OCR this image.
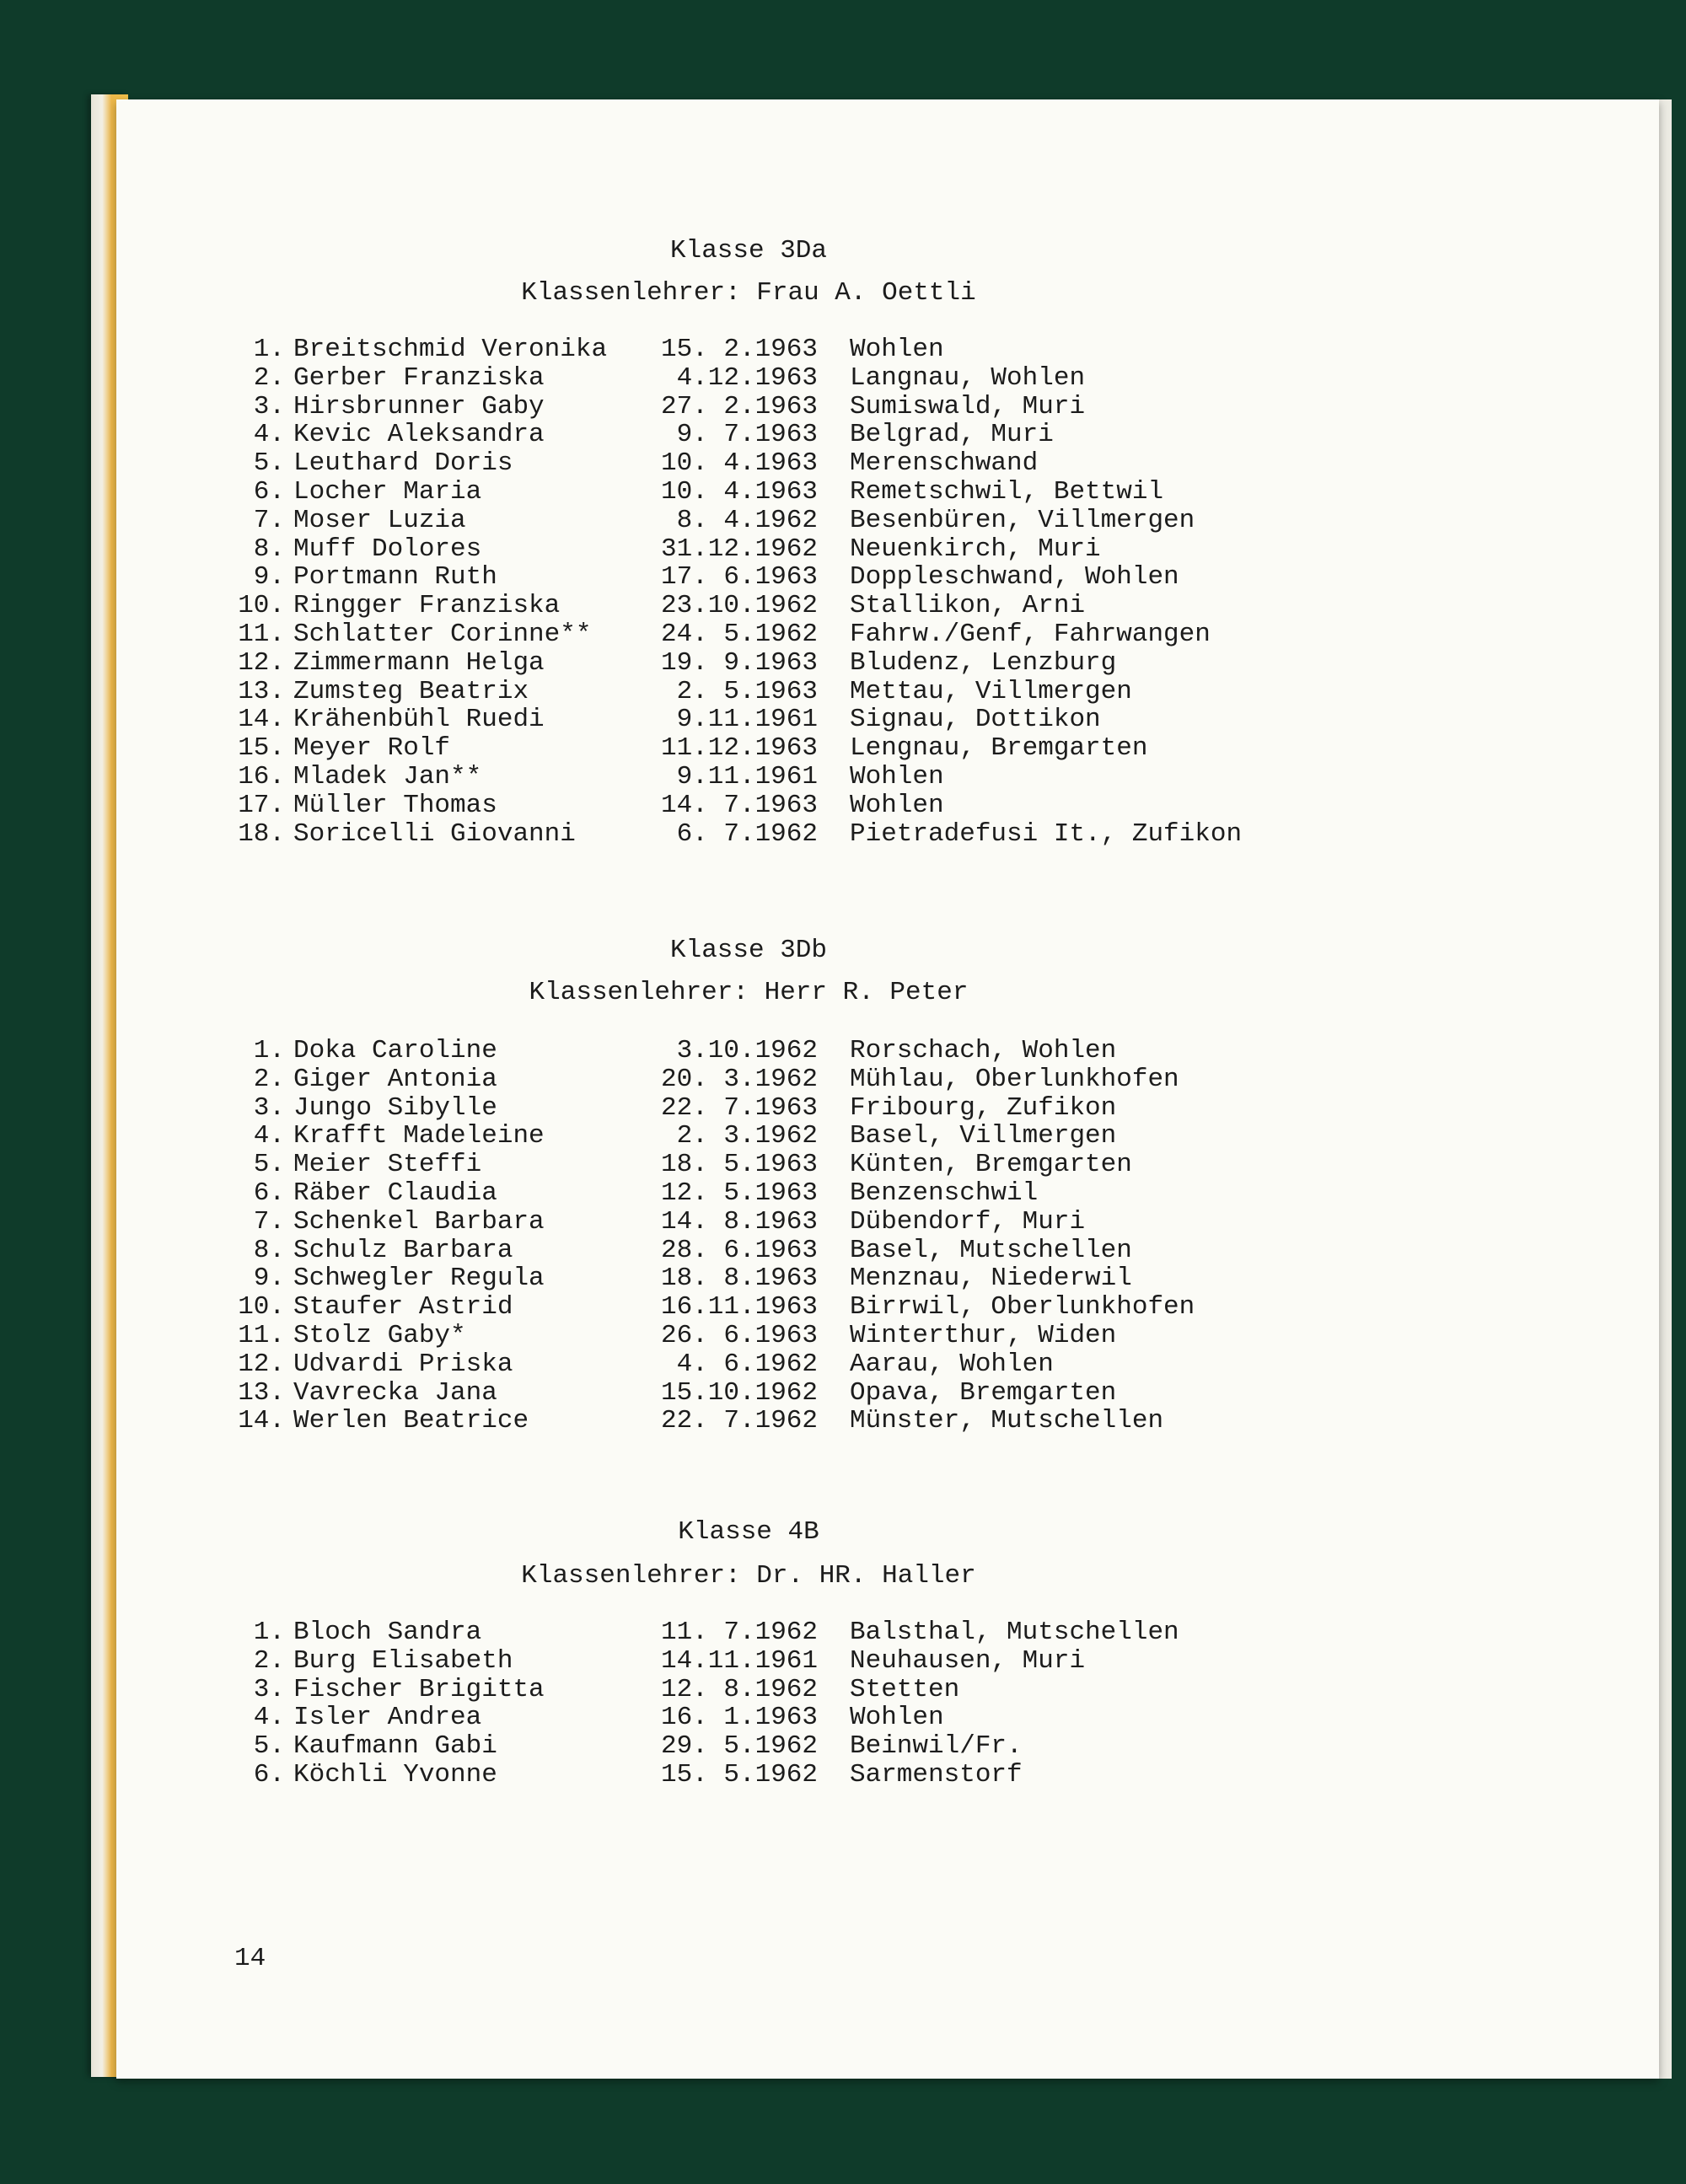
Klasse 3Da
Klassenlehrer: Frau A. Oettli
1. Breitschmid Veronika	15. 2.1963 Wohlen
2. Gerber Franziska	4.12.1963 Langnau, Wohlen
3. Hirsbrunner Gaby	27. 2.1963 Sumiswald, Muri
4. Kevic Aleksandra	9. 7.1963 Belgrad, Muri
5. Leuthard Doris	10. 4.1963 Merenschwand
6. Locher Maria	10. 4.1963 Remetschwil, Bettwil
7. Moser Luzia	8. 4.1962 Besenbüren, Villmergen
8. Muff Dolores	31.12.1962 Neuenkirch, Muri
9. Portmann Ruth	17. 6.1963 Doppleschwand, Wohlen
10. Ringger Franziska	23.10.1962 Stallikon, Arni
11. Schlatter Corinne**	24. 5.1962 Fahrw./Genf, Fahrwangen
12. Zimmermann Helga	19. 9.1963 Bludenz, Lenzburg
13. Zumsteg Beatrix	2. 5.1963 Mettau, Villmergen
14. Krähenbühl Ruedi	9.11.1961 Signau, Dottikon
15. Meyer Rolf	11.12.1963 Lengnau, Bremgarten
16. Mladek Jan**	9.11.1961 Wohlen
17. Müller Thomas	14. 7.1963 Wohlen
18. Soricelli Giovanni	6. 7.1962 Pietradefusi It., Zufikon
Klasse 3Db
Klassenlehrer: Herr R. Peter
1. Doka Caroline	3.10.1962 Rorschach, Wohlen
2. Giger Antonia	20. 3.1962 Mühlau, Oberlunkhofen
3. Jungo Sibylle	22. 7.1963 Fribourg, Zufikon
4. Krafft Madeleine	2. 3.1962 Basel, Villmergen
5. Meier Steffi	18. 5.1963 Künten, Bremgarten
6. Räber Claudia	12. 5.1963 Benzenschwil
7. Schenkel Barbara	14. 8.1963 Dübendorf, Muri
8. Schulz Barbara	28. 6.1963 Basel, Mutschellen
9. Schwegler Regula	18. 8.1963 Menznau, Niederwil
10. Staufer Astrid	16.11.1963 Birrwil, Oberlunkhofen
11. Stolz Gaby*	26. 6.1963 Winterthur, Widen
12. Udvardi Priska	4. 6.1962 Aarau, Wohlen
13. Vavrecka Jana	15.10.1962 Opava, Bremgarten
14. Werlen Beatrice	22. 7.1962 Münster, Mutschellen
Klasse 4B
Klassenlehrer: Dr. HR. Haller
1. Bloch Sandra	11. 7.1962 Balsthal, Mutschellen
2. Burg Elisabeth	14.11.1961 Neuhausen, Muri
3. Fischer Brigitta	12. 8.1962 Stetten
4. Isler Andrea	16. 1.1963 Wohlen
5. Kaufmann Gabi	29. 5.1962 Beinwil/Fr.
6. Köchli Yvonne	15. 5.1962 Sarmenstorf
14
